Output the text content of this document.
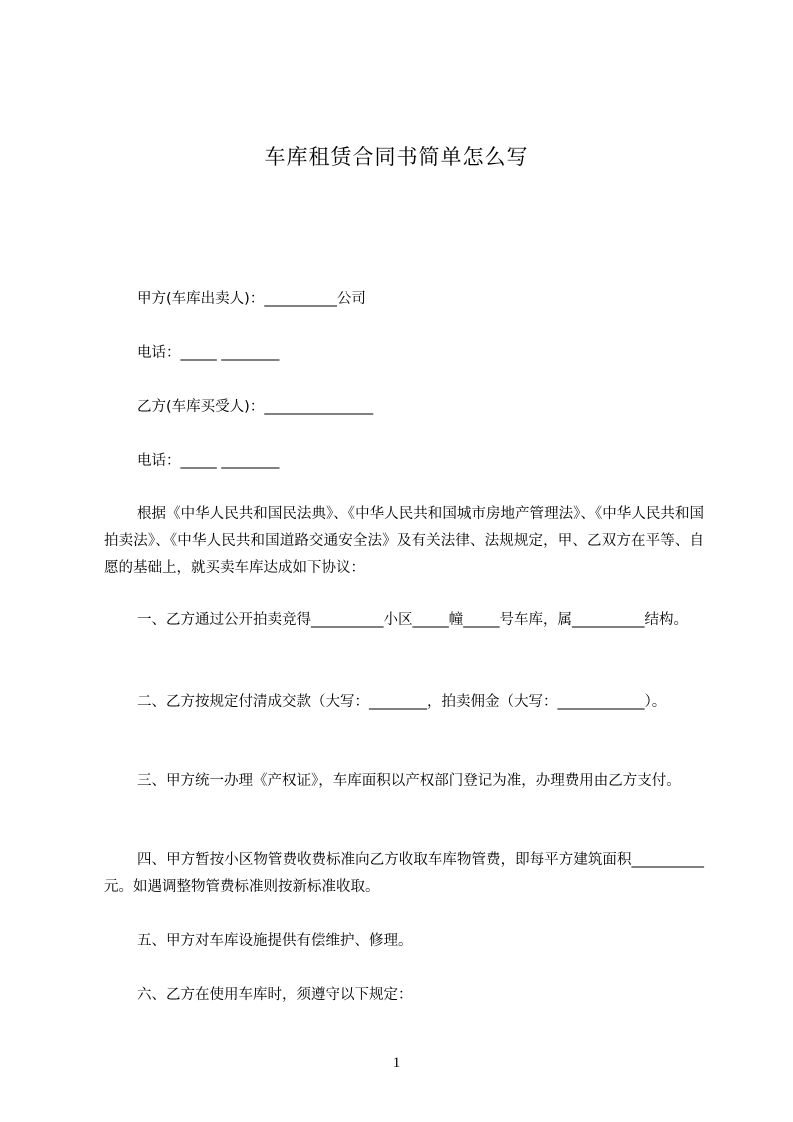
车库租赁合同书简单怎么写

甲方(车库出卖人)：__________公司

电话：_____ ________

乙方(车库买受人)：_______________

电话：_____ ________

根据《中华人民共和国民法典》、《中华人民共和国城市房地产管理法》、《中华人民共和国拍卖法》、《中华人民共和国道路交通安全法》及有关法律、法规规定，甲、乙双方在平等、自愿的基础上，就买卖车库达成如下协议：

一、乙方通过公开拍卖竞得__________小区_____幢_____号车库，属__________结构。

二、乙方按规定付清成交款（大写：________，拍卖佣金（大写：____________）。

三、甲方统一办理《产权证》，车库面积以产权部门登记为准，办理费用由乙方支付。

四、甲方暂按小区物管费收费标准向乙方收取车库物管费，即每平方建筑面积__________元。如遇调整物管费标准则按新标准收取。

五、甲方对车库设施提供有偿维护、修理。

六、乙方在使用车库时，须遵守以下规定：

1
